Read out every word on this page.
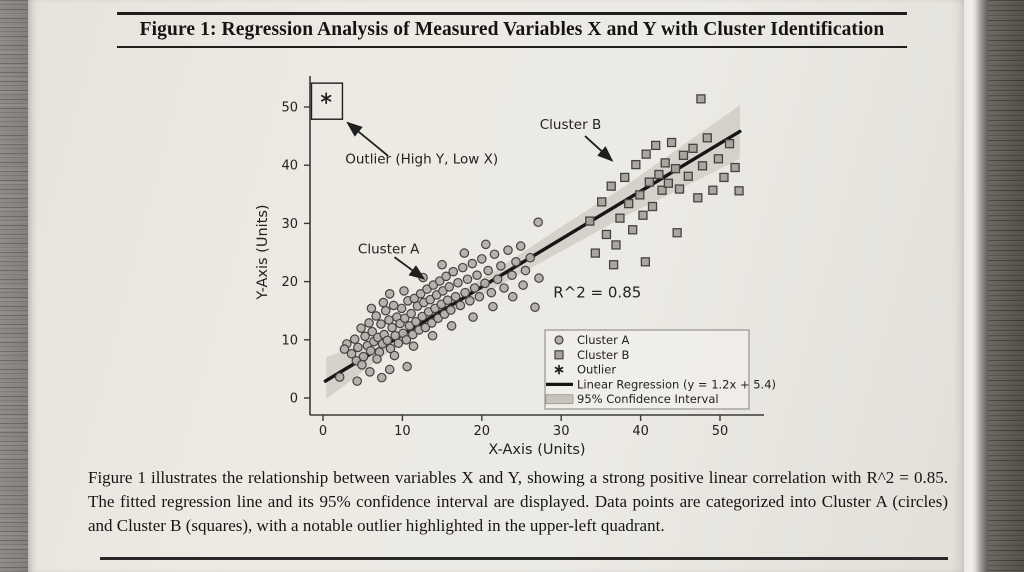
Figure 1: Regression Analysis of Measured Variables X and Y with Cluster Identification
0	10	20	30	40	50
0
10
20
30
40
50
X-Axis (Units)
Y-Axis (Units)
Outlier (High Y, Low X)
Cluster A
Cluster B
R^2 = 0.85
Cluster A
Cluster B
Outlier
Linear Regression (y = 1.2x + 5.4)
95% Confidence Interval
Figure 1 illustrates the relationship between variables X and Y, showing a strong positive linear correlation with R^2 = 0.85. The fitted regression line and its 95% confidence interval are displayed. Data points are categorized into Cluster A (circles) and Cluster B (squares), with a notable outlier highlighted in the upper-left quadrant.
